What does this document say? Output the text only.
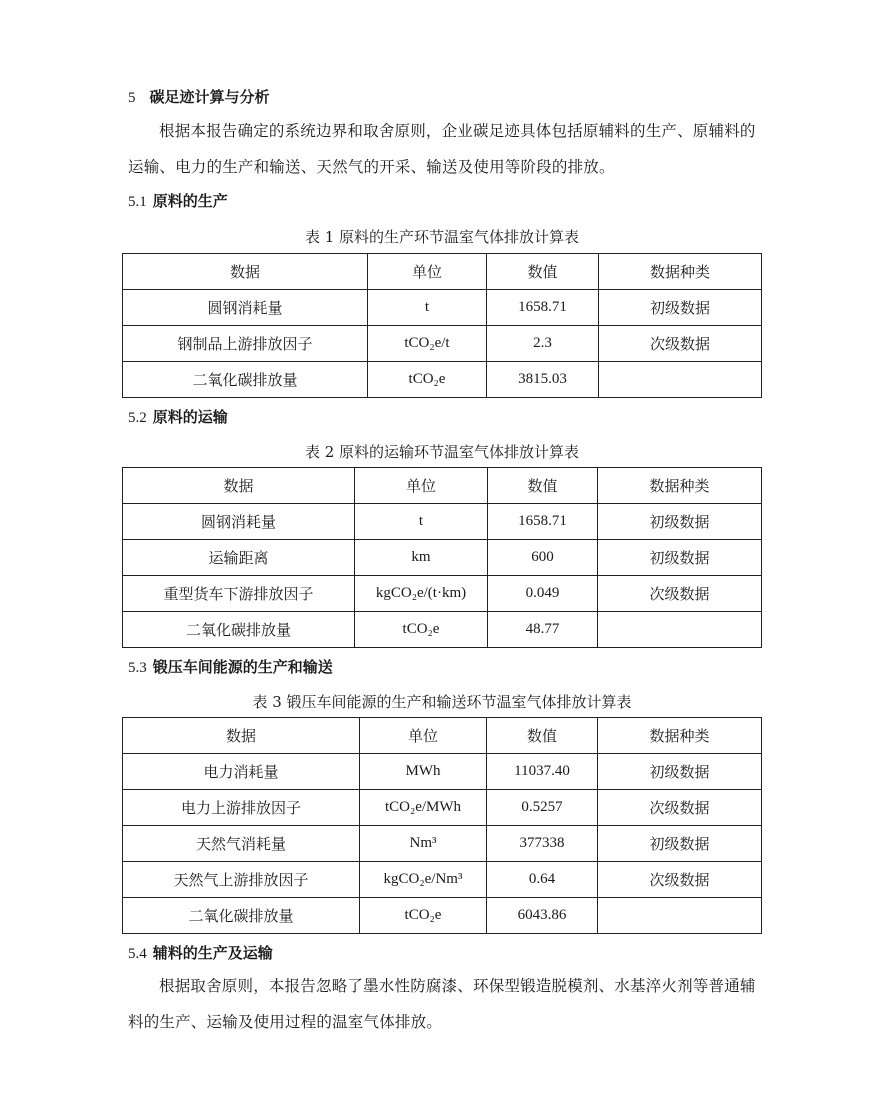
5 碳足迹计算与分析
根据本报告确定的系统边界和取舍原则，企业碳足迹具体包括原辅料的生产、原辅料的运输、电力的生产和输送、天然气的开采、输送及使用等阶段的排放。
5.1 原料的生产
表 1 原料的生产环节温室气体排放计算表
数据	单位	数值	数据种类
圆钢消耗量	t	1658.71	初级数据
钢制品上游排放因子	tCO₂e/t	2.3	次级数据
二氧化碳排放量	tCO₂e	3815.03	
5.2 原料的运输
表 2 原料的运输环节温室气体排放计算表
数据	单位	数值	数据种类
圆钢消耗量	t	1658.71	初级数据
运输距离	km	600	初级数据
重型货车下游排放因子	kgCO₂e/(t·km)	0.049	次级数据
二氧化碳排放量	tCO₂e	48.77	
5.3 锻压车间能源的生产和输送
表 3 锻压车间能源的生产和输送环节温室气体排放计算表
数据	单位	数值	数据种类
电力消耗量	MWh	11037.40	初级数据
电力上游排放因子	tCO₂e/MWh	0.5257	次级数据
天然气消耗量	Nm³	377338	初级数据
天然气上游排放因子	kgCO₂e/Nm³	0.64	次级数据
二氧化碳排放量	tCO₂e	6043.86	
5.4 辅料的生产及运输
根据取舍原则，本报告忽略了墨水性防腐漆、环保型锻造脱模剂、水基淬火剂等普通辅料的生产、运输及使用过程的温室气体排放。
